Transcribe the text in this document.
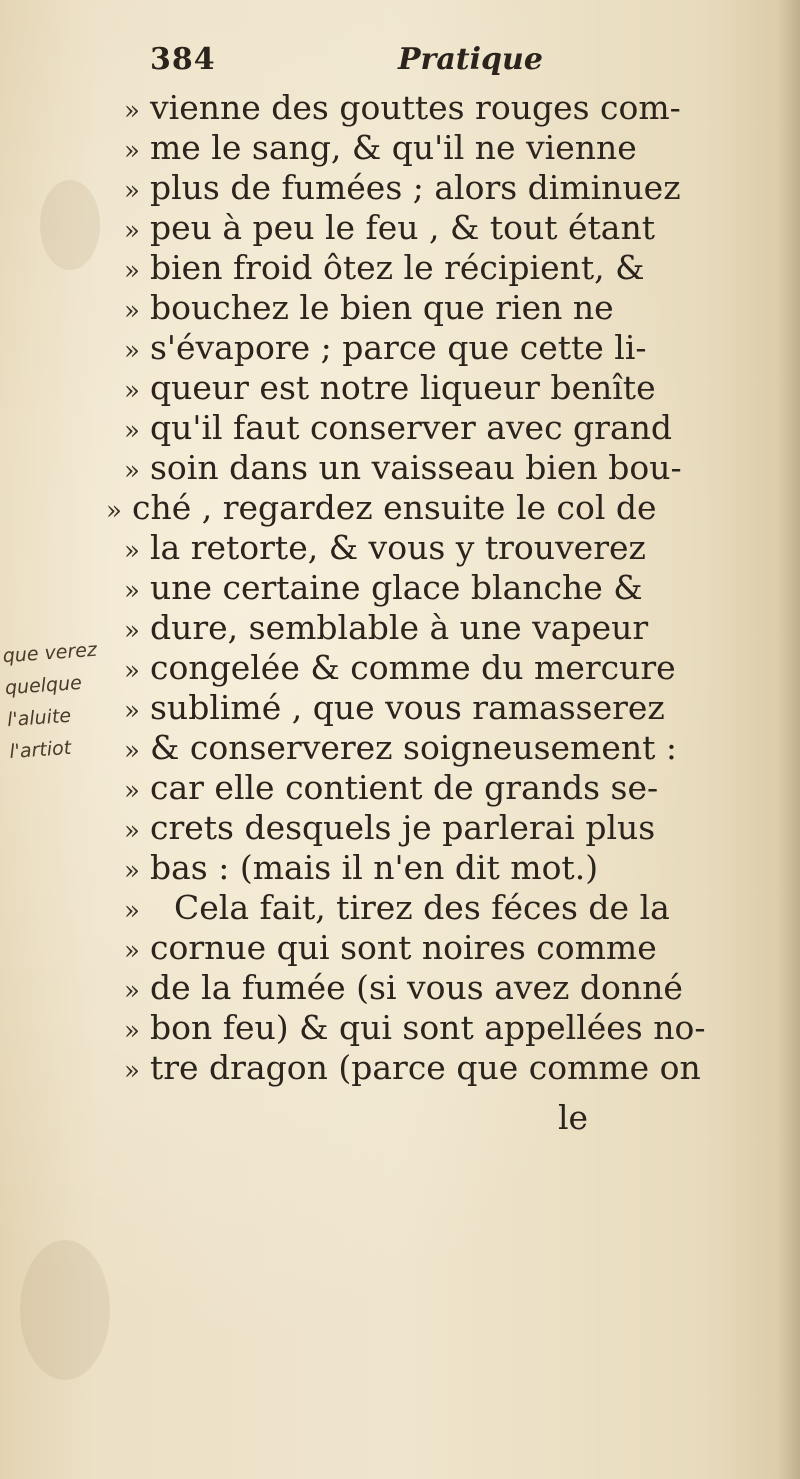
384	Pratique
» vienne des gouttes rouges com-
» me le sang, & qu'il ne vienne
» plus de fumées ; alors diminuez
» peu à peu le feu , & tout étant
» bien froid ôtez le récipient, &
» bouchez le bien que rien ne
» s'évapore ; parce que cette li-
» queur est notre liqueur benîte
» qu'il faut conserver avec grand
» soin dans un vaisseau bien bou-
» ché , regardez ensuite le col de
» la retorte, & vous y trouverez
» une certaine glace blanche &
» dure, semblable à une vapeur
» congelée & comme du mercure
» sublimé , que vous ramasserez
» & conserverez soigneusement :
» car elle contient de grands se-
» crets desquels je parlerai plus
» bas : (mais il n'en dit mot.)
» Cela fait, tirez des féces de la
» cornue qui sont noires comme
» de la fumée (si vous avez donné
» bon feu) & qui sont appellées no-
» tre dragon (parce que comme on
le
que verez
quelque
l'aluite
l'artiot
